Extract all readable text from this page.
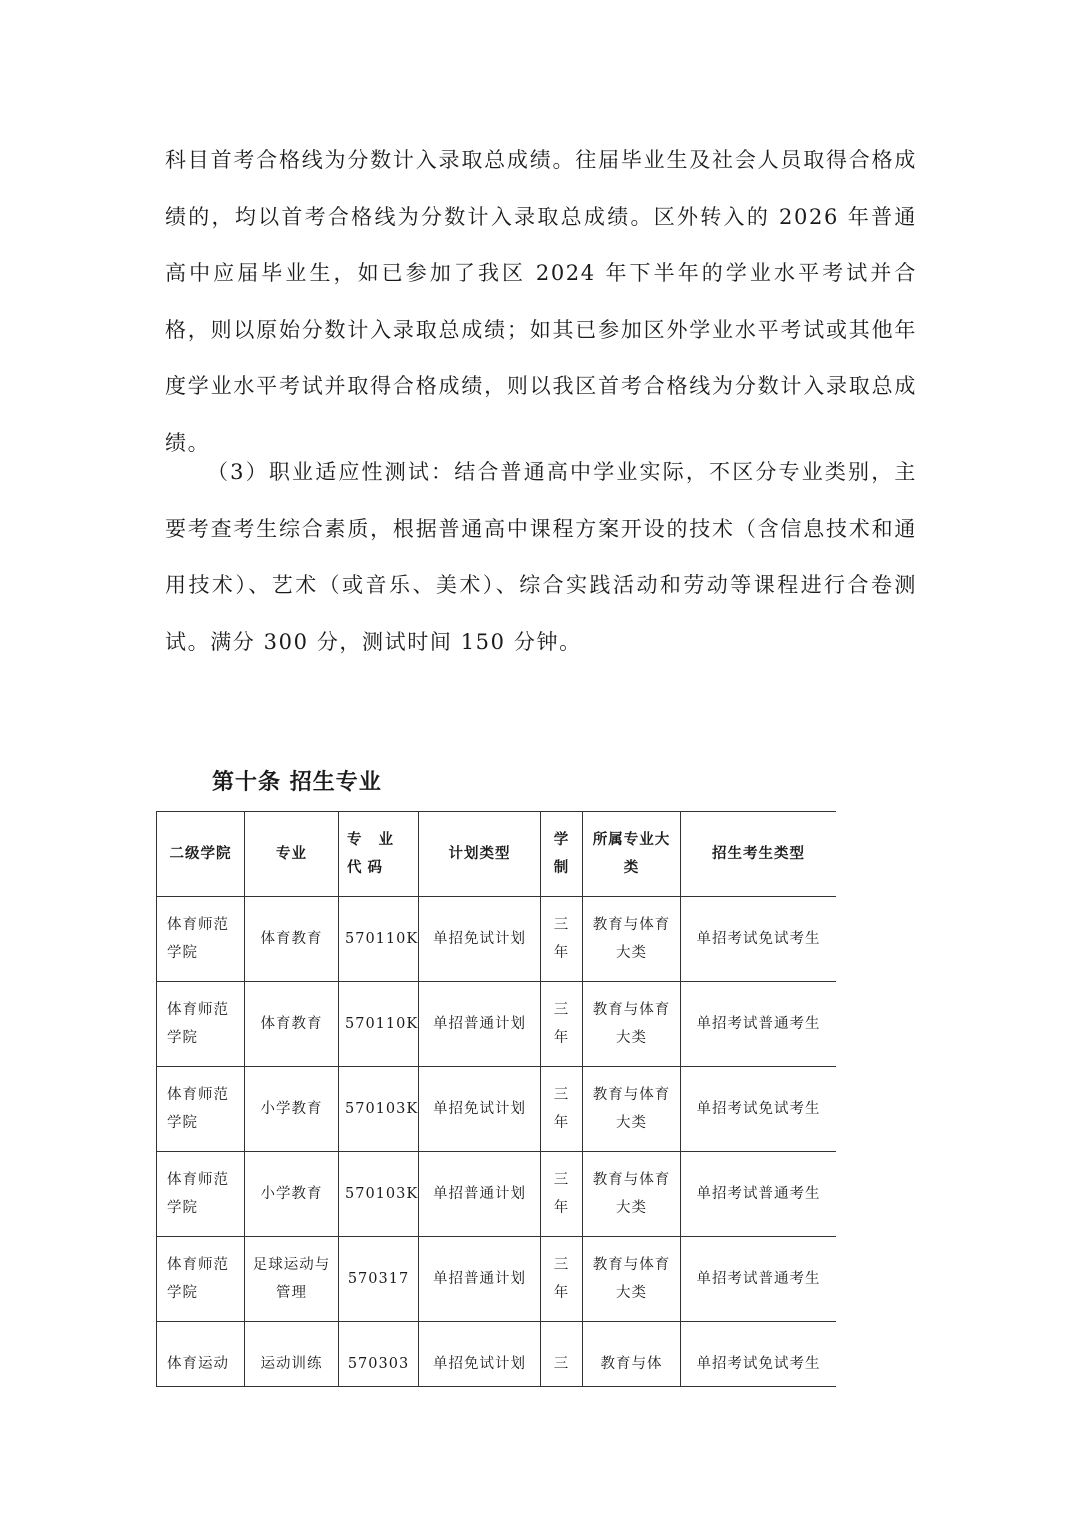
科目首考合格线为分数计入录取总成绩。往届毕业生及社会人员取得合格成绩的，均以首考合格线为分数计入录取总成绩。区外转入的 2026 年普通高中应届毕业生，如已参加了我区 2024 年下半年的学业水平考试并合格，则以原始分数计入录取总成绩；如其已参加区外学业水平考试或其他年度学业水平考试并取得合格成绩，则以我区首考合格线为分数计入录取总成绩。

（3）职业适应性测试：结合普通高中学业实际，不区分专业类别，主要考查考生综合素质，根据普通高中课程方案开设的技术（含信息技术和通用技术）、艺术（或音乐、美术）、综合实践活动和劳动等课程进行合卷测试。满分 300 分，测试时间 150 分钟。

第十条 招生专业
二级学院	专业	专 业 代码	计划类型	学制	所属专业大类	招生考生类型
体育师范学院	体育教育	570110K	单招免试计划	三年	教育与体育大类	单招考试免试考生
体育师范学院	体育教育	570110K	单招普通计划	三年	教育与体育大类	单招考试普通考生
体育师范学院	小学教育	570103K	单招免试计划	三年	教育与体育大类	单招考试免试考生
体育师范学院	小学教育	570103K	单招普通计划	三年	教育与体育大类	单招考试普通考生
体育师范学院	足球运动与管理	570317	单招普通计划	三年	教育与体育大类	单招考试普通考生
体育运动	运动训练	570303	单招免试计划	三	教育与体	单招考试免试考生
